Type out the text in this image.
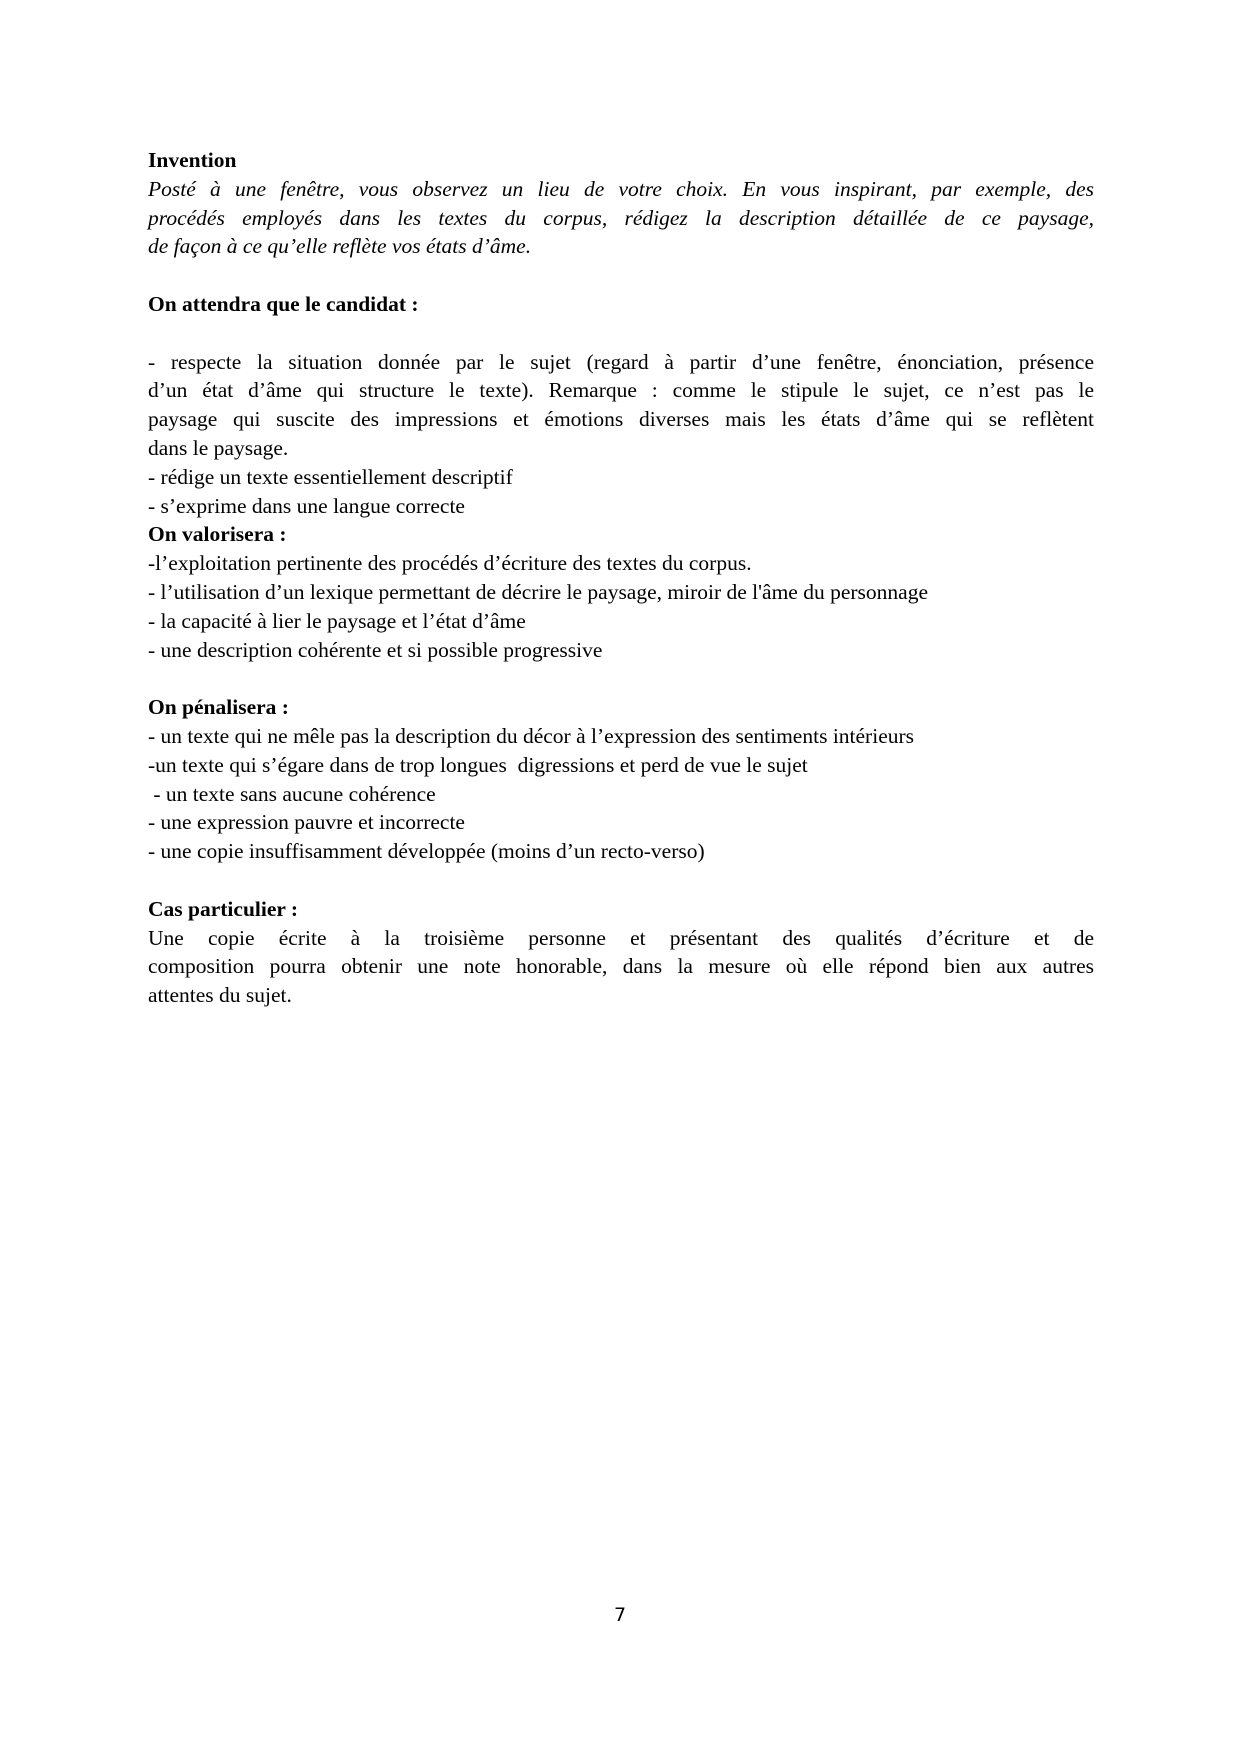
Invention
Posté à une fenêtre, vous observez un lieu de votre choix. En vous inspirant, par exemple, des
procédés employés dans les textes du corpus, rédigez la description détaillée de ce paysage,
de façon à ce qu’elle reflète vos états d’âme.
On attendra que le candidat :
- respecte la situation donnée par le sujet (regard à partir d’une fenêtre, énonciation, présence
d’un état d’âme qui structure le texte). Remarque : comme le stipule le sujet, ce n’est pas le
paysage qui suscite des impressions et émotions diverses mais les états d’âme qui se reflètent
dans le paysage.
- rédige un texte essentiellement descriptif
- s’exprime dans une langue correcte
On valorisera :
-l’exploitation pertinente des procédés d’écriture des textes du corpus.
- l’utilisation d’un lexique permettant de décrire le paysage, miroir de l'âme du personnage
- la capacité à lier le paysage et l’état d’âme
- une description cohérente et si possible progressive
On pénalisera :
- un texte qui ne mêle pas la description du décor à l’expression des sentiments intérieurs
-un texte qui s’égare dans de trop longues  digressions et perd de vue le sujet
- un texte sans aucune cohérence
- une expression pauvre et incorrecte
- une copie insuffisamment développée (moins d’un recto-verso)
Cas particulier :
Une copie écrite à la troisième personne et présentant des qualités d’écriture et de
composition pourra obtenir une note honorable, dans la mesure où elle répond bien aux autres
attentes du sujet.
7
